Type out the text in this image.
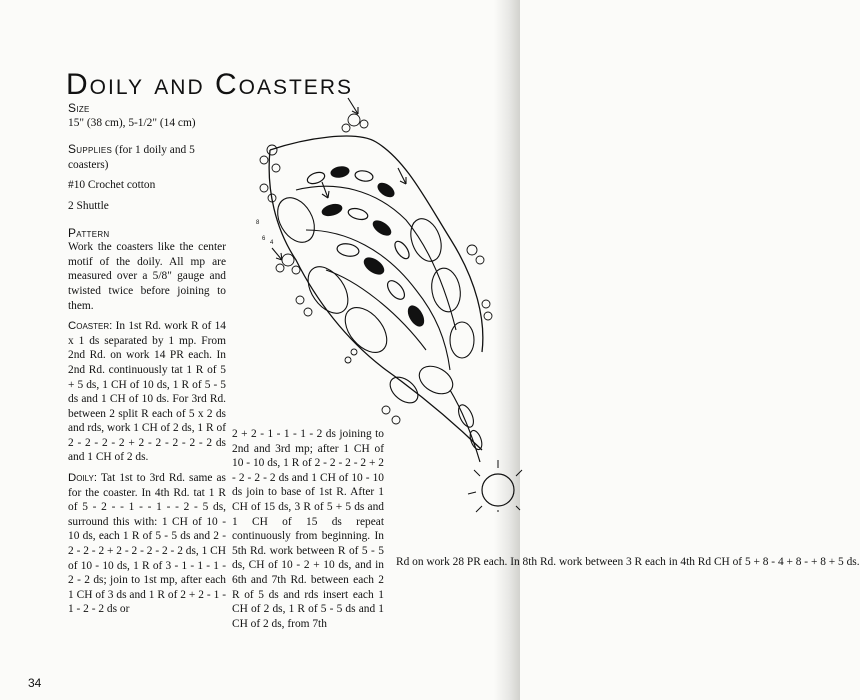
Doily and Coasters

Size

15" (38 cm), 5-1/2" (14 cm)

Supplies (for 1 doily and 5 coasters)

#10 Crochet cotton

2 Shuttle

Pattern

Work the coasters like the center motif of the doily. All mp are measured over a 5/8" gauge and twisted twice before joining to them.

Coaster: In 1st Rd. work R of 14 x 1 ds separated by 1 mp. From 2nd Rd. on work 14 PR each. In 2nd Rd. continuously tat 1 R of 5 + 5 ds, 1 CH of 10 ds, 1 R of 5 - 5 ds and 1 CH of 10 ds. For 3rd Rd. between 2 split R each of 5 x 2 ds and rds, work 1 CH of 2 ds, 1 R of 2 - 2 - 2 - 2 + 2 - 2 - 2 - 2 - 2 ds and 1 CH of 2 ds.

Doily: Tat 1st to 3rd Rd. same as for the coaster. In 4th Rd. tat 1 R of 5 - 2 - - 1 - - 1 - - 2 - 5 ds, surround this with: 1 CH of 10 - 10 ds, each 1 R of 5 - 5 ds and 2 - 2 - 2 - 2 + 2 - 2 - 2 - 2 - 2 ds, 1 CH of 10 - 10 ds, 1 R of 3 - 1 - 1 - 1 - 2 - 2 ds; join to 1st mp, after each 1 CH of 3 ds and 1 R of 2 + 2 - 1 - 1 - 2 - 2 ds or

2 + 2 - 1 - 1 - 1 - 2 ds joining to 2nd and 3rd mp; after 1 CH of 10 - 10 ds, 1 R of 2 - 2 - 2 - 2 + 2 - 2 - 2 - 2 ds and 1 CH of 10 - 10 ds join to base of 1st R. After 1 CH of 15 ds, 3 R of 5 + 5 ds and 1 CH of 15 ds repeat continuously from beginning. In 5th Rd. work between R of 5 - 5 ds, CH of 10 - 2 + 10 ds, and in 6th and 7th Rd. between each 2 R of 5 ds and rds insert each 1 CH of 2 ds, 1 R of 5 - 5 ds and 1 CH of 2 ds, from 7th

Rd on work 28 PR each. In 8th Rd. work between 3 R each in 4th Rd CH of 5 + 8 - 4 + 8 - + 8 + 5 ds.

8
6
4
34
